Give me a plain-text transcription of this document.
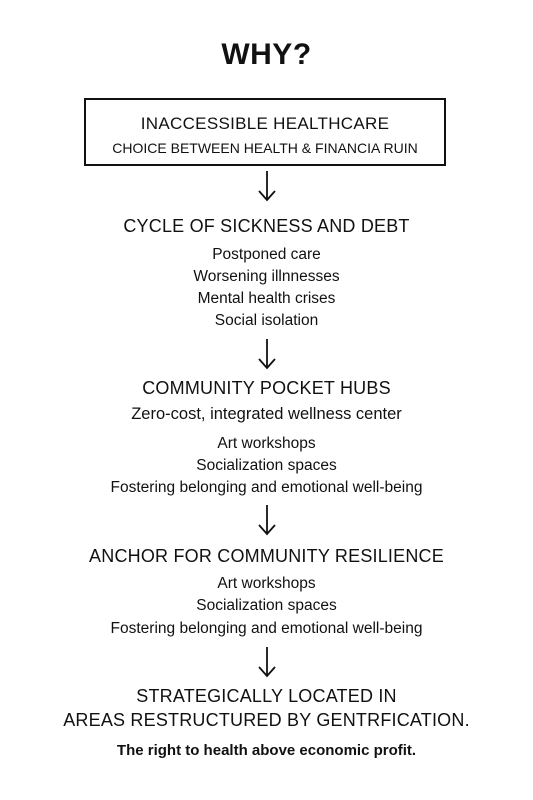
WHY?
INACCESSIBLE HEALTHCARE
CHOICE BETWEEN HEALTH & FINANCIA RUIN
CYCLE OF SICKNESS AND DEBT
Postponed care
Worsening illnnesses
Mental health crises
Social isolation
COMMUNITY POCKET HUBS
Zero-cost, integrated wellness center
Art workshops
Socialization spaces
Fostering belonging and emotional well-being
ANCHOR FOR COMMUNITY RESILIENCE
Art workshops
Socialization spaces
Fostering belonging and emotional well-being
STRATEGICALLY LOCATED IN
AREAS RESTRUCTURED BY GENTRFICATION.
The right to health above economic profit.
